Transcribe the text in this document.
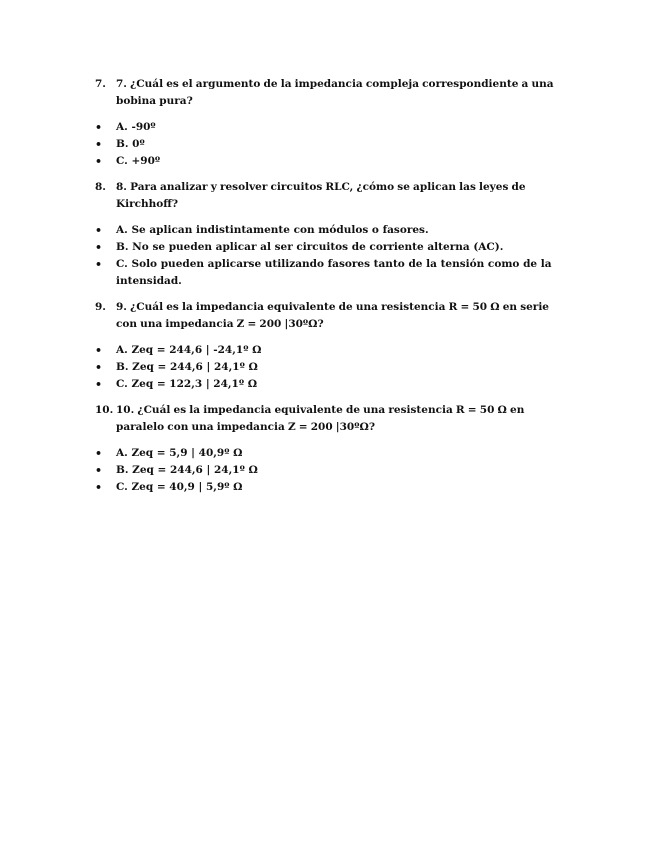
7. 7. ¿Cuál es el argumento de la impedancia compleja correspondiente a una bobina pura?
•	A. -90º
•	B. 0º
•	C. +90º
8. 8. Para analizar y resolver circuitos RLC, ¿cómo se aplican las leyes de Kirchhoff?
•	A. Se aplican indistintamente con módulos o fasores.
•	B. No se pueden aplicar al ser circuitos de corriente alterna (AC).
•	C. Solo pueden aplicarse utilizando fasores tanto de la tensión como de la intensidad.
9. 9. ¿Cuál es la impedancia equivalente de una resistencia R = 50 Ω en serie con una impedancia Z = 200 |30ºΩ?
•	A. Zeq = 244,6 | -24,1º Ω
•	B. Zeq = 244,6 | 24,1º Ω
•	C. Zeq = 122,3 | 24,1º Ω
10. 10. ¿Cuál es la impedancia equivalente de una resistencia R = 50 Ω en paralelo con una impedancia Z = 200 |30ºΩ?
•	A. Zeq = 5,9 | 40,9º Ω
•	B. Zeq = 244,6 | 24,1º Ω
•	C. Zeq = 40,9 | 5,9º Ω
